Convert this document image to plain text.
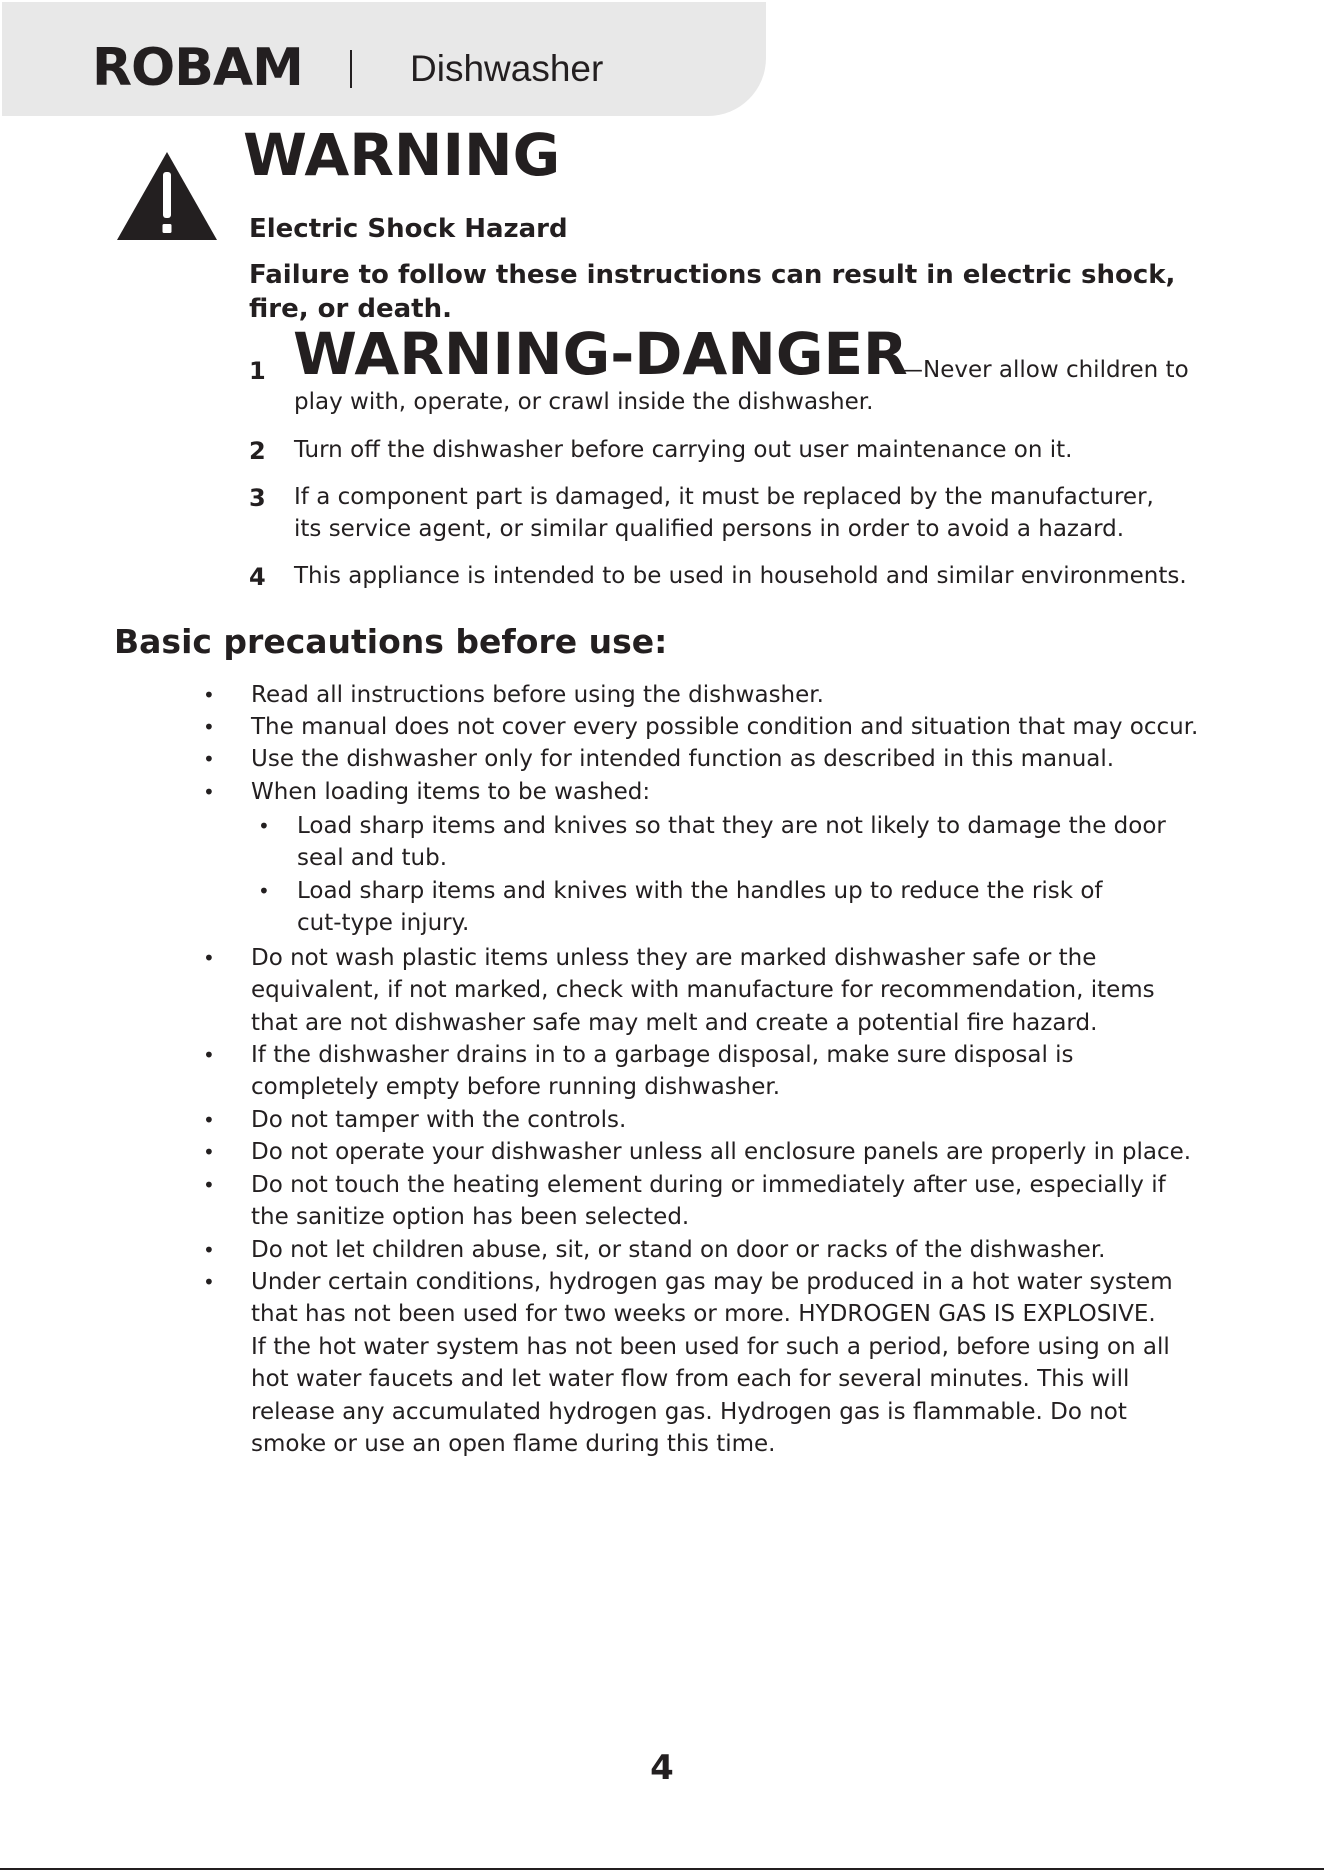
ROBAM	Dishwasher
WARNING
Electric Shock Hazard
Failure to follow these instructions can result in electric shock, fire, or death.
1 WARNING-DANGER
—Never allow children to
play with, operate, or crawl inside the dishwasher.
2 Turn off the dishwasher before carrying out user maintenance on it.
3 If a component part is damaged, it must be replaced by the manufacturer,
its service agent, or similar qualified persons in order to avoid a hazard.
4 This appliance is intended to be used in household and similar environments.
Basic precautions before use:
• Read all instructions before using the dishwasher.
• The manual does not cover every possible condition and situation that may occur.
• Use the dishwasher only for intended function as described in this manual.
• When loading items to be washed:
• Load sharp items and knives so that they are not likely to damage the door
seal and tub.
• Load sharp items and knives with the handles up to reduce the risk of
cut-type injury.
• Do not wash plastic items unless they are marked dishwasher safe or the
equivalent, if not marked, check with manufacture for recommendation, items
that are not dishwasher safe may melt and create a potential fire hazard.
• If the dishwasher drains in to a garbage disposal, make sure disposal is
completely empty before running dishwasher.
• Do not tamper with the controls.
• Do not operate your dishwasher unless all enclosure panels are properly in place.
• Do not touch the heating element during or immediately after use, especially if
the sanitize option has been selected.
• Do not let children abuse, sit, or stand on door or racks of the dishwasher.
• Under certain conditions, hydrogen gas may be produced in a hot water system
that has not been used for two weeks or more. HYDROGEN GAS IS EXPLOSIVE.
If the hot water system has not been used for such a period, before using on all
hot water faucets and let water flow from each for several minutes. This will
release any accumulated hydrogen gas. Hydrogen gas is flammable. Do not
smoke or use an open flame during this time.
4
